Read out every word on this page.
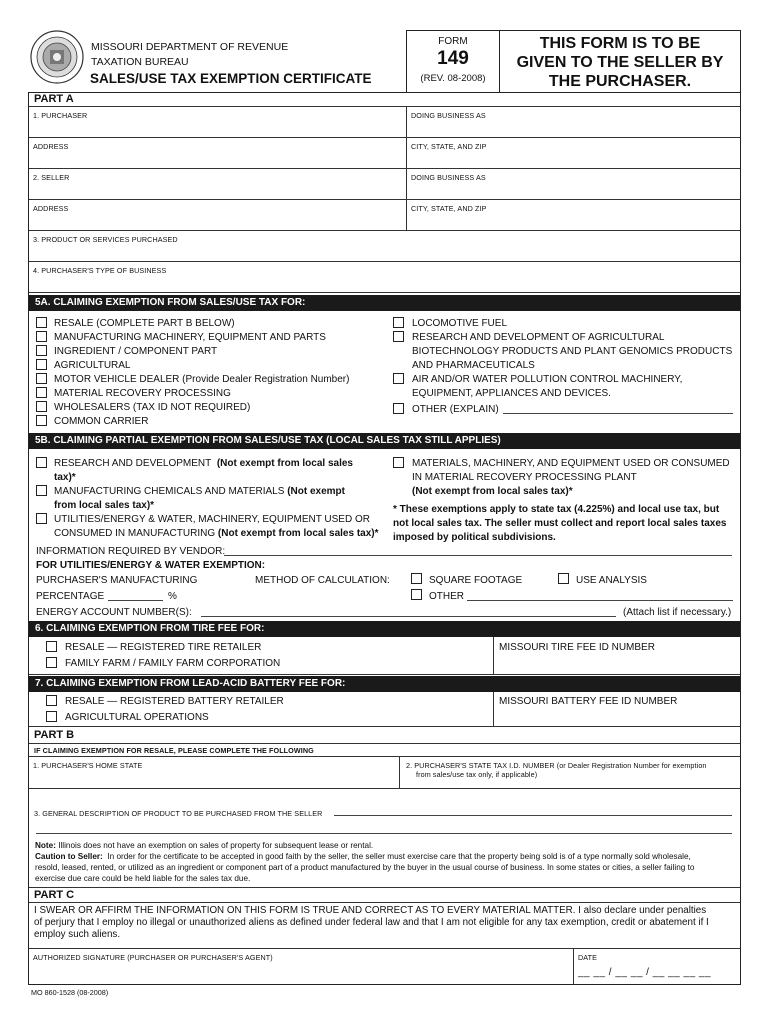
MISSOURI DEPARTMENT OF REVENUE
TAXATION BUREAU
SALES/USE TAX EXEMPTION CERTIFICATE
FORM
149
(REV. 08-2008)
THIS FORM IS TO BE
GIVEN TO THE SELLER BY
THE PURCHASER.
PART A
1. PURCHASER	DOING BUSINESS AS
ADDRESS	CITY, STATE, AND ZIP
2. SELLER	DOING BUSINESS AS
ADDRESS	CITY, STATE, AND ZIP
3. PRODUCT OR SERVICES PURCHASED
4. PURCHASER'S TYPE OF BUSINESS
5A. CLAIMING EXEMPTION FROM SALES/USE TAX FOR:
RESALE (COMPLETE PART B BELOW)
MANUFACTURING MACHINERY, EQUIPMENT AND PARTS
INGREDIENT / COMPONENT PART
AGRICULTURAL
MOTOR VEHICLE DEALER (Provide Dealer Registration Number)
MATERIAL RECOVERY PROCESSING
WHOLESALERS (TAX ID NOT REQUIRED)
COMMON CARRIER
LOCOMOTIVE FUEL
RESEARCH AND DEVELOPMENT OF AGRICULTURAL
BIOTECHNOLOGY PRODUCTS AND PLANT GENOMICS PRODUCTS
AND PHARMACEUTICALS
AIR AND/OR WATER POLLUTION CONTROL MACHINERY,
EQUIPMENT, APPLIANCES AND DEVICES.
OTHER (EXPLAIN)
5B. CLAIMING PARTIAL EXEMPTION FROM SALES/USE TAX (LOCAL SALES TAX STILL APPLIES)
RESEARCH AND DEVELOPMENT (Not exempt from local sales
tax)*
MANUFACTURING CHEMICALS AND MATERIALS (Not exempt
from local sales tax)*
UTILITIES/ENERGY & WATER, MACHINERY, EQUIPMENT USED OR
CONSUMED IN MANUFACTURING (Not exempt from local sales tax)*
MATERIALS, MACHINERY, AND EQUIPMENT USED OR CONSUMED
IN MATERIAL RECOVERY PROCESSING PLANT
(Not exempt from local sales tax)*
* These exemptions apply to state tax (4.225%) and local use tax, but
not local sales tax. The seller must collect and report local sales taxes
imposed by political subdivisions.
INFORMATION REQUIRED BY VENDOR:
FOR UTILITIES/ENERGY & WATER EXEMPTION:
PURCHASER'S MANUFACTURING	METHOD OF CALCULATION:	SQUARE FOOTAGE	USE ANALYSIS
PERCENTAGE	%	OTHER
ENERGY ACCOUNT NUMBER(S):	(Attach list if necessary.)
6. CLAIMING EXEMPTION FROM TIRE FEE FOR:
RESALE — REGISTERED TIRE RETAILER
FAMILY FARM / FAMILY FARM CORPORATION
MISSOURI TIRE FEE ID NUMBER
7. CLAIMING EXEMPTION FROM LEAD-ACID BATTERY FEE FOR:
RESALE — REGISTERED BATTERY RETAILER
AGRICULTURAL OPERATIONS
MISSOURI BATTERY FEE ID NUMBER
PART B
IF CLAIMING EXEMPTION FOR RESALE, PLEASE COMPLETE THE FOLLOWING
1. PURCHASER'S HOME STATE	2. PURCHASER'S STATE TAX I.D. NUMBER (or Dealer Registration Number for exemption
from sales/use tax only, if applicable)
3. GENERAL DESCRIPTION OF PRODUCT TO BE PURCHASED FROM THE SELLER
Note: Illinois does not have an exemption on sales of property for subsequent lease or rental.
Caution to Seller: In order for the certificate to be accepted in good faith by the seller, the seller must exercise care that the property being sold is of a type normally sold wholesale,
resold, leased, rented, or utilized as an ingredient or component part of a product manufactured by the buyer in the usual course of business. In some states or cities, a seller failing to
exercise due care could be held liable for the sales tax due.
PART C
I SWEAR OR AFFIRM THE INFORMATION ON THIS FORM IS TRUE AND CORRECT AS TO EVERY MATERIAL MATTER. I also declare under penalties
of perjury that I employ no illegal or unauthorized aliens as defined under federal law and that I am not eligible for any tax exemption, credit or abatement if I
employ such aliens.
AUTHORIZED SIGNATURE (PURCHASER OR PURCHASER'S AGENT)	DATE
__ __ / __ __ / __ __ __ __
MO 860-1528 (08-2008)
